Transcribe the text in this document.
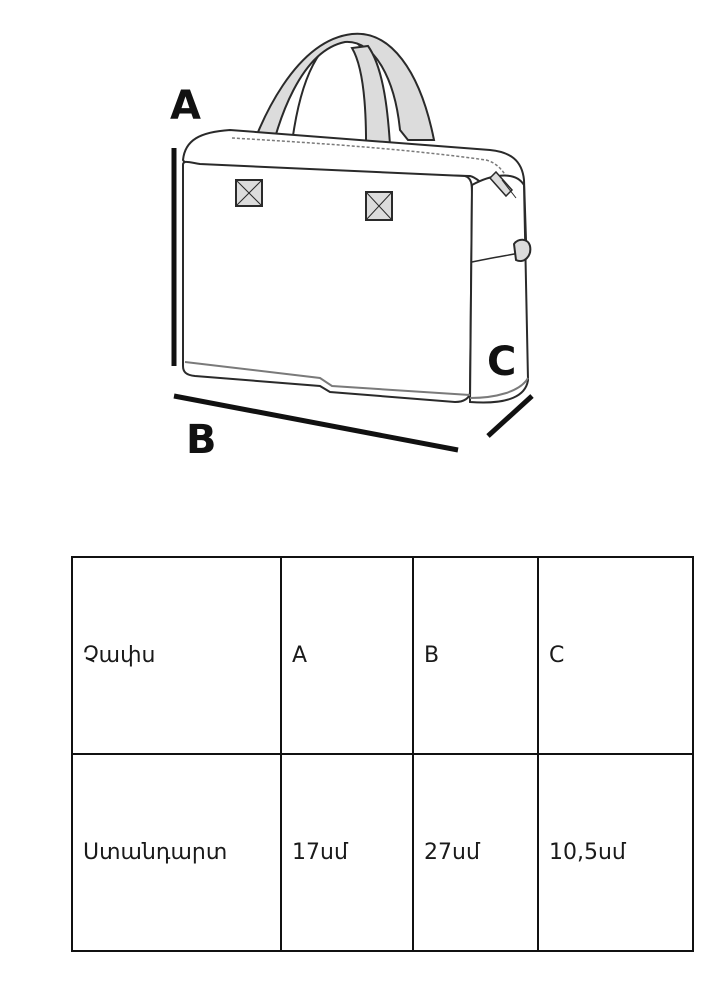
A
B
C
Չափս	A	B	C
Ստանդարտ	17սմ	27սմ	10,5սմ
